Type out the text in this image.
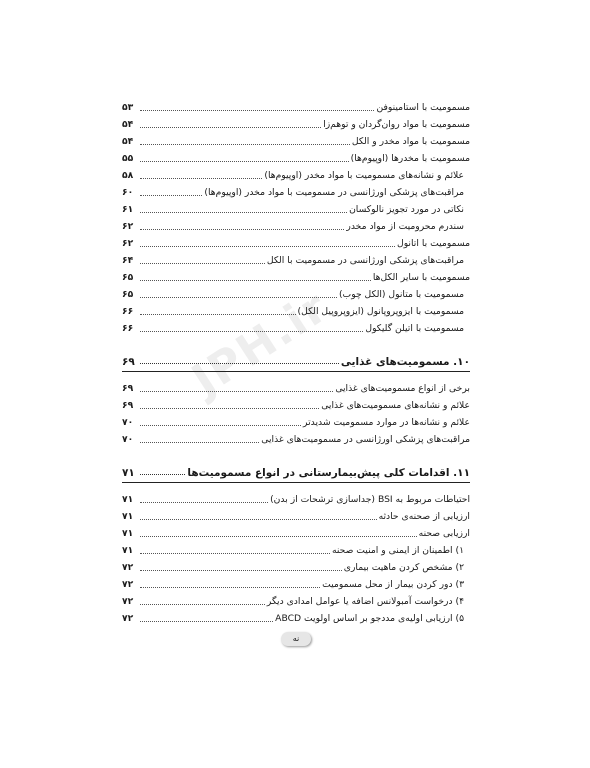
JPH.ir
مسمومیت با استامینوفن
۵۳
مسمومیت با مواد روان‌گردان و توهم‌زا
۵۴
مسمومیت با مواد مخدر و الکل
۵۴
مسمومیت با مخدرها (اوپیوم‌ها)
۵۵
علائم و نشانه‌های مسمومیت با مواد مخدر (اوپیوم‌ها)
۵۸
مراقبت‌های پزشکی اورژانسی در مسمومیت با مواد مخدر (اوپیوم‌ها)
۶۰
نکاتی در مورد تجویز نالوکسان
۶۱
سندرم محرومیت از مواد مخدر
۶۲
مسمومیت با اتانول
۶۲
مراقبت‌های پزشکی اورژانسی در مسمومیت با الکل
۶۴
مسمومیت با سایر الکل‌ها
۶۵
مسمومیت با متانول (الکل چوب)
۶۵
مسمومیت با ایزوپروپانول (ایزوپروپیل الکل)
۶۶
مسمومیت با اتیلن گلیکول
۶۶
۱۰. مسمومیت‌های غذایی
۶۹
برخی از انواع مسمومیت‌های غذایی
۶۹
علائم و نشانه‌های مسمومیت‌های غذایی
۶۹
علائم و نشانه‌ها در موارد مسمومیت شدیدتر
۷۰
مراقبت‌های پزشکی اورژانسی در مسمومیت‌های غذایی
۷۰
۱۱. اقدامات کلی پیش‌بیمارستانی در انواع مسمومیت‌ها
۷۱
احتیاطات مربوط به BSI (جداسازی ترشحات از بدن)
۷۱
ارزیابی از صحنه‌ی حادثه
۷۱
ارزیابی صحنه
۷۱
۱) اطمینان از ایمنی و امنیت صحنه
۷۱
۲) مشخص کردن ماهیت بیماری
۷۲
۳) دور کردن بیمار از محل مسمومیت
۷۲
۴) درخواست آمبولانس اضافه یا عوامل امدادی دیگر
۷۲
۵) ارزیابی اولیه‌ی مددجو بر اساس اولویت ABCD
۷۲
نه
